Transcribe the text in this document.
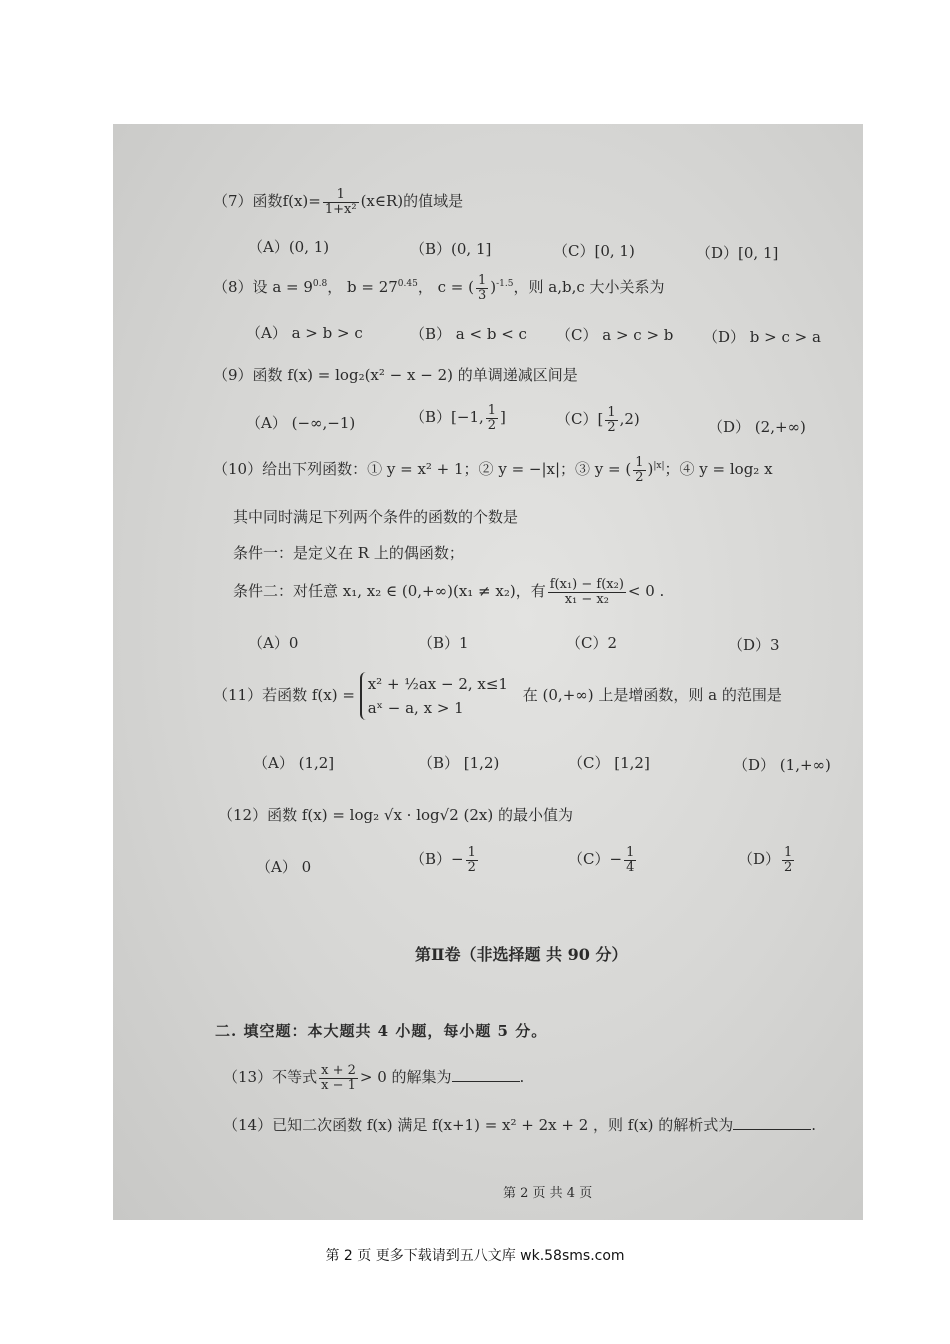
（7）函数$f(x)= \frac{1}{\text{1+x²}}$ (x∈R)的值域是
（A）(0, 1)	（B）(0, 1]	（C）[0, 1)	（D）[0, 1]
（8）设 $a = 9^{0.8}$， $b = 27^{0.45}$， c = ( $\frac{1}{3} )^{-1.5}$，则 a,b,c 大小关系为
（A） a > b > c	（B） a < b < c （C） a > c > b （D） b > c > a
（9）函数 f(x) = log₂(x² − x − 2) 的单调递减区间是
（A） (−∞,−1)	（B）[−1, $\frac{1}{2}$ ]	$(C)[ \frac{1}{2} ,2)$	（D） (2,+∞)
（10）给出下列函数：① y = x² + 1；② y = −|x|；③ y = ( $\frac{1}{2} )^{|x|}$；④ y = log₂ x
其中同时满足下列两个条件的函数的个数是
条件一：是定义在 R 上的偶函数；
条件二：对任意 x₁, x₂ ∈ (0,+∞)(x₁ ≠ x₂)，有 $\frac{\text{f(x₁) − f(x₂)}}{\text{x₁ − x₂}} < 0$ .
（A）0	（B）1	（C）2	（D）3
（11）若函数 f(x) =
x² + ½ax − 2, x≤1
aˣ − a, x > 1
在 (0,+∞) 上是增函数，则 a 的范围是
（A） (1,2]	（B） [1,2)	（C） [1,2]	（D） (1,+∞)
（12）函数 f(x) = log₂ √x · log√2 (2x) 的最小值为
（A） 0	$(B)- \frac{1}{2}$	$(C)- \frac{1}{4}$	$(D) \frac{1}{2}$
第Ⅱ卷（非选择题 共 90 分）
二. 填空题：本大题共 4 小题，每小题 5 分。
（13）不等式 $\frac{x + 2}{x - 1} > 0$ 的解集为	.
（14）已知二次函数 f(x) 满足 f(x+1) = x² + 2x + 2 ，则 f(x) 的解析式为	.
第 2 页 共 4 页
第 2 页 更多下载请到五八文库 wk.58sms.com
